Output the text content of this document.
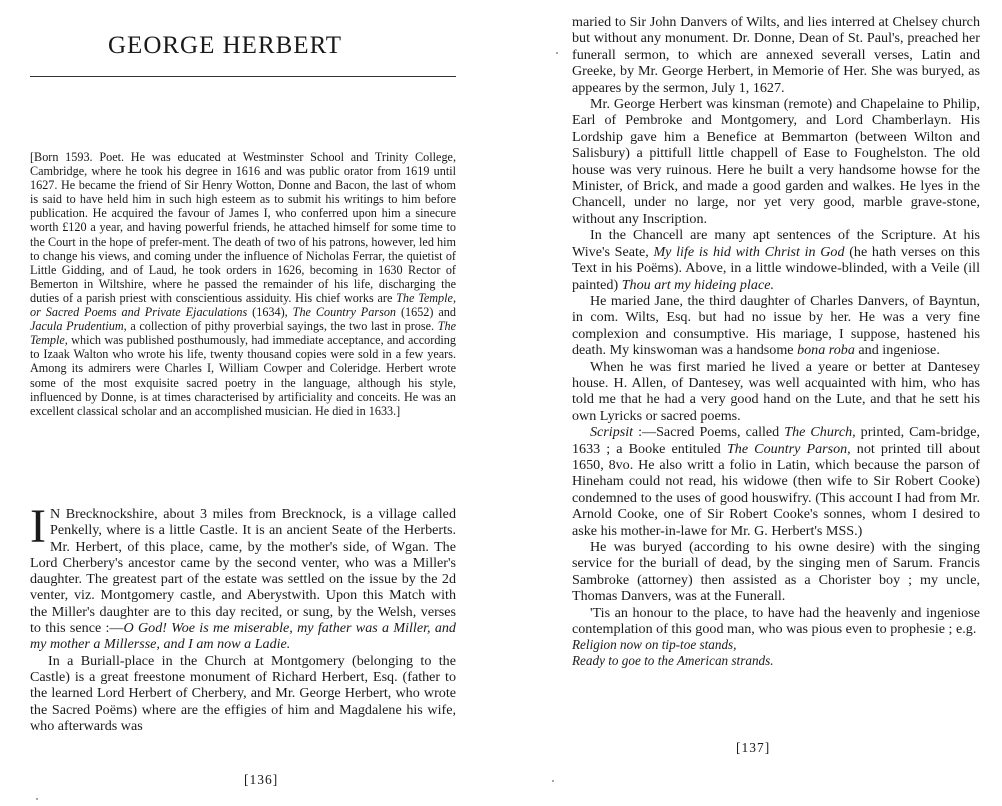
GEORGE HERBERT

[Born 1593. Poet. He was educated at Westminster School and Trinity College, Cambridge, where he took his degree in 1616 and was public orator from 1619 until 1627. He became the friend of Sir Henry Wotton, Donne and Bacon, the last of whom is said to have held him in such high esteem as to submit his writings to him before publication. He acquired the favour of James I, who conferred upon him a sinecure worth £120 a year, and having powerful friends, he attached himself for some time to the Court in the hope of prefer-ment. The death of two of his patrons, however, led him to change his views, and coming under the influence of Nicholas Ferrar, the quietist of Little Gidding, and of Laud, he took orders in 1626, becoming in 1630 Rector of Bemerton in Wiltshire, where he passed the remainder of his life, discharging the duties of a parish priest with conscientious assiduity. His chief works are The Temple, or Sacred Poems and Private Ejaculations (1634), The Country Parson (1652) and Jacula Prudentium, a collection of pithy proverbial sayings, the two last in prose. The Temple, which was published posthumously, had immediate acceptance, and according to Izaak Walton who wrote his life, twenty thousand copies were sold in a few years. Among its admirers were Charles I, William Cowper and Coleridge. Herbert wrote some of the most exquisite sacred poetry in the language, although his style, influenced by Donne, is at times characterised by artificiality and conceits. He was an excellent classical scholar and an accomplished musician. He died in 1633.]

I N Brecknockshire, about 3 miles from Brecknock, is a village called Penkelly, where is a little Castle. It is an ancient Seate of the Herberts. Mr. Herbert, of this place, came, by the mother's side, of Wgan. The Lord Cherbery's ancestor came by the second venter, who was a Miller's daughter. The greatest part of the estate was settled on the issue by the 2d venter, viz. Montgomery castle, and Aberystwith. Upon this Match with the Miller's daughter are to this day recited, or sung, by the Welsh, verses to this sence :—O God! Woe is me miserable, my father was a Miller, and my mother a Millersse, and I am now a Ladie.

In a Buriall-place in the Church at Montgomery (belonging to the Castle) is a great freestone monument of Richard Herbert, Esq. (father to the learned Lord Herbert of Cherbery, and Mr. George Herbert, who wrote the Sacred Poëms) where are the effigies of him and Magdalene his wife, who afterwards was

[136]

maried to Sir John Danvers of Wilts, and lies interred at Chelsey church but without any monument. Dr. Donne, Dean of St. Paul's, preached her funerall sermon, to which are annexed severall verses, Latin and Greeke, by Mr. George Herbert, in Memorie of Her. She was buryed, as appeares by the sermon, July 1, 1627.

Mr. George Herbert was kinsman (remote) and Chapelaine to Philip, Earl of Pembroke and Montgomery, and Lord Chamberlayn. His Lordship gave him a Benefice at Bemmarton (between Wilton and Salisbury) a pittifull little chappell of Ease to Foughelston. The old house was very ruinous. Here he built a very handsome howse for the Minister, of Brick, and made a good garden and walkes. He lyes in the Chancell, under no large, nor yet very good, marble grave-stone, without any Inscription.

In the Chancell are many apt sentences of the Scripture. At his Wive's Seate, My life is hid with Christ in God (he hath verses on this Text in his Poëms). Above, in a little windowe-blinded, with a Veile (ill painted) Thou art my hideing place.

He maried Jane, the third daughter of Charles Danvers, of Bayntun, in com. Wilts, Esq. but had no issue by her. He was a very fine complexion and consumptive. His mariage, I suppose, hastened his death. My kinswoman was a handsome bona roba and ingeniose.

When he was first maried he lived a yeare or better at Dantesey house. H. Allen, of Dantesey, was well acquainted with him, who has told me that he had a very good hand on the Lute, and that he sett his own Lyricks or sacred poems.

Scripsit :—Sacred Poems, called The Church, printed, Cam-bridge, 1633 ; a Booke entituled The Country Parson, not printed till about 1650, 8vo. He also writt a folio in Latin, which because the parson of Hineham could not read, his widowe (then wife to Sir Robert Cooke) condemned to the uses of good houswifry. (This account I had from Mr. Arnold Cooke, one of Sir Robert Cooke's sonnes, whom I desired to aske his mother-in-lawe for Mr. G. Herbert's MSS.)

He was buryed (according to his owne desire) with the singing service for the buriall of dead, by the singing men of Sarum. Francis Sambroke (attorney) then assisted as a Chorister boy ; my uncle, Thomas Danvers, was at the Funerall.

'Tis an honour to the place, to have had the heavenly and ingeniose contemplation of this good man, who was pious even to prophesie ; e.g.

Religion now on tip-toe stands,

Ready to goe to the American strands.

[137]
